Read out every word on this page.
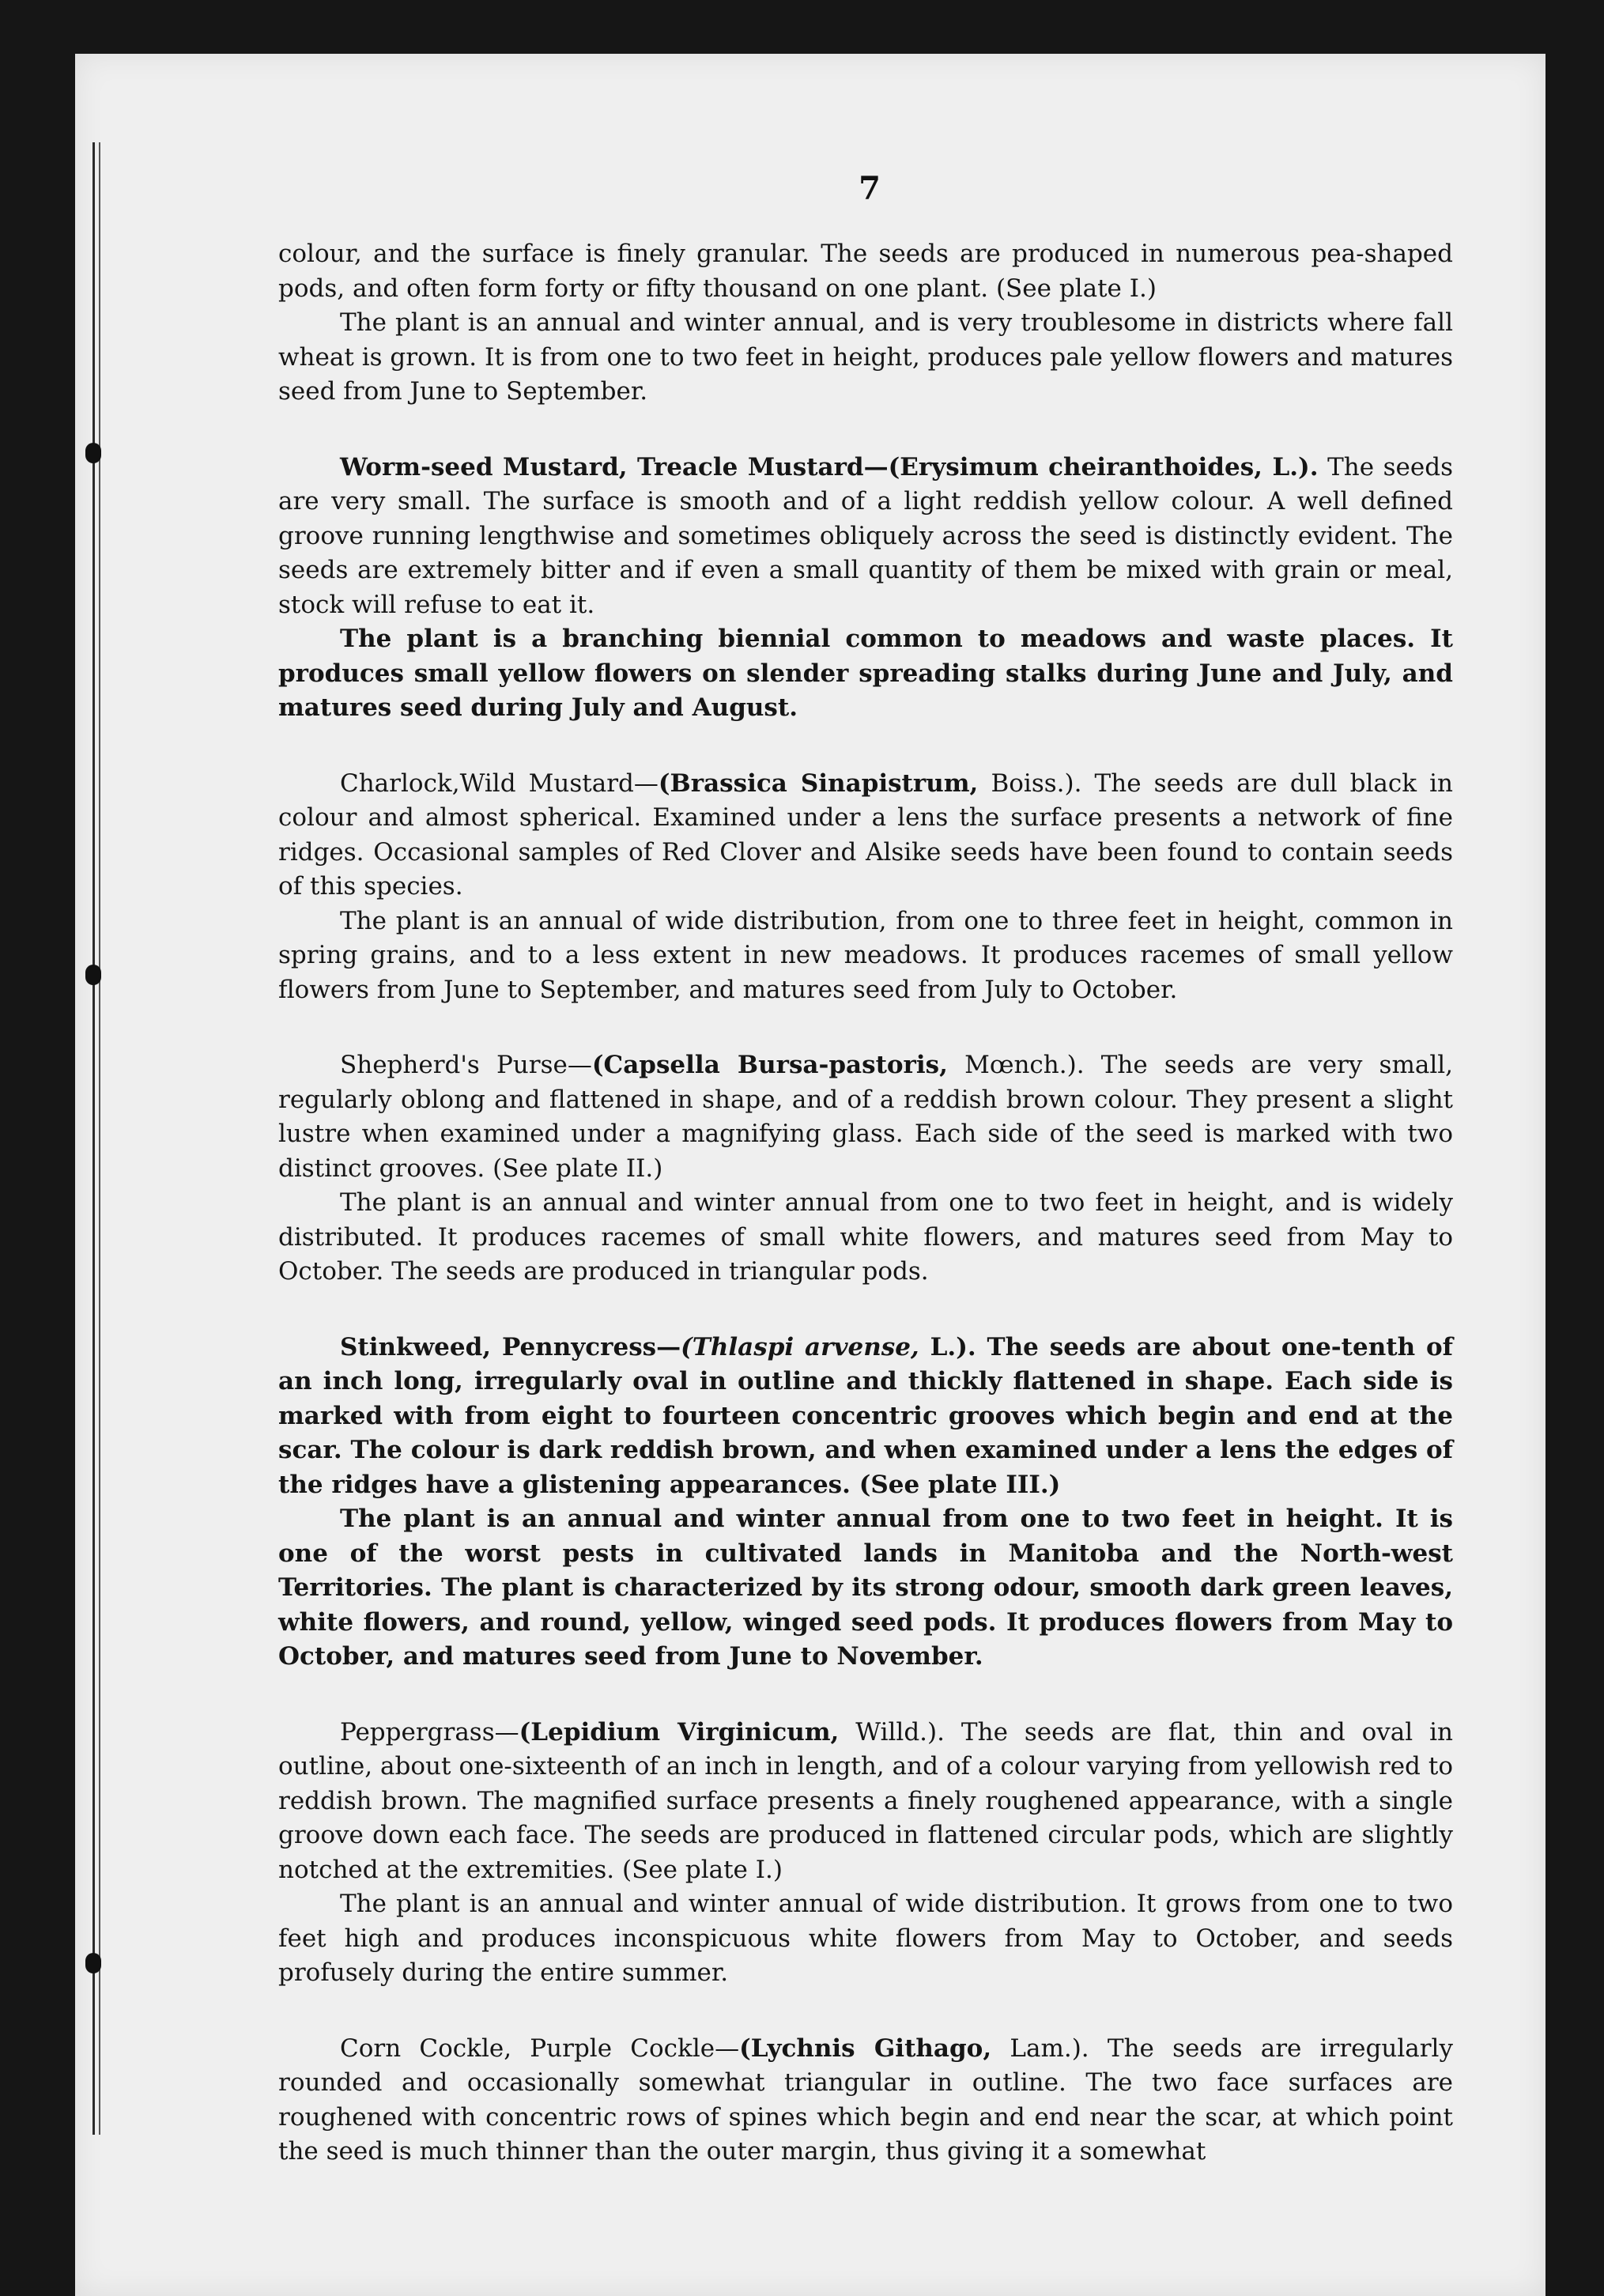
7

colour, and the surface is finely granular. The seeds are produced in numerous pea-shaped pods, and often form forty or fifty thousand on one plant. (See plate I.)

The plant is an annual and winter annual, and is very troublesome in districts where fall wheat is grown. It is from one to two feet in height, produces pale yellow flowers and matures seed from June to September.

Worm-seed Mustard, Treacle Mustard—(Erysimum cheiranthoides, L.). The seeds are very small. The surface is smooth and of a light reddish yellow colour. A well defined groove running lengthwise and sometimes obliquely across the seed is distinctly evident. The seeds are extremely bitter and if even a small quantity of them be mixed with grain or meal, stock will refuse to eat it.

The plant is a branching biennial common to meadows and waste places. It produces small yellow flowers on slender spreading stalks during June and July, and matures seed during July and August.

Charlock,Wild Mustard—(Brassica Sinapistrum, Boiss.). The seeds are dull black in colour and almost spherical. Examined under a lens the surface presents a network of fine ridges. Occasional samples of Red Clover and Alsike seeds have been found to contain seeds of this species.

The plant is an annual of wide distribution, from one to three feet in height, common in spring grains, and to a less extent in new meadows. It produces racemes of small yellow flowers from June to September, and matures seed from July to October.

Shepherd's Purse—(Capsella Bursa-pastoris, Mœnch.). The seeds are very small, regularly oblong and flattened in shape, and of a reddish brown colour. They present a slight lustre when examined under a magnifying glass. Each side of the seed is marked with two distinct grooves. (See plate II.)

The plant is an annual and winter annual from one to two feet in height, and is widely distributed. It produces racemes of small white flowers, and matures seed from May to October. The seeds are produced in triangular pods.

Stinkweed, Pennycress—(Thlaspi arvense, L.). The seeds are about one-tenth of an inch long, irregularly oval in outline and thickly flattened in shape. Each side is marked with from eight to fourteen concentric grooves which begin and end at the scar. The colour is dark reddish brown, and when examined under a lens the edges of the ridges have a glistening appearances. (See plate III.)

The plant is an annual and winter annual from one to two feet in height. It is one of the worst pests in cultivated lands in Manitoba and the North-west Territories. The plant is characterized by its strong odour, smooth dark green leaves, white flowers, and round, yellow, winged seed pods. It produces flowers from May to October, and matures seed from June to November.

Peppergrass—(Lepidium Virginicum, Willd.). The seeds are flat, thin and oval in outline, about one-sixteenth of an inch in length, and of a colour varying from yellowish red to reddish brown. The magnified surface presents a finely roughened appearance, with a single groove down each face. The seeds are produced in flattened circular pods, which are slightly notched at the extremities. (See plate I.)

The plant is an annual and winter annual of wide distribution. It grows from one to two feet high and produces inconspicuous white flowers from May to October, and seeds profusely during the entire summer.

Corn Cockle, Purple Cockle—(Lychnis Githago, Lam.). The seeds are irregularly rounded and occasionally somewhat triangular in outline. The two face surfaces are roughened with concentric rows of spines which begin and end near the scar, at which point the seed is much thinner than the outer margin, thus giving it a somewhat
